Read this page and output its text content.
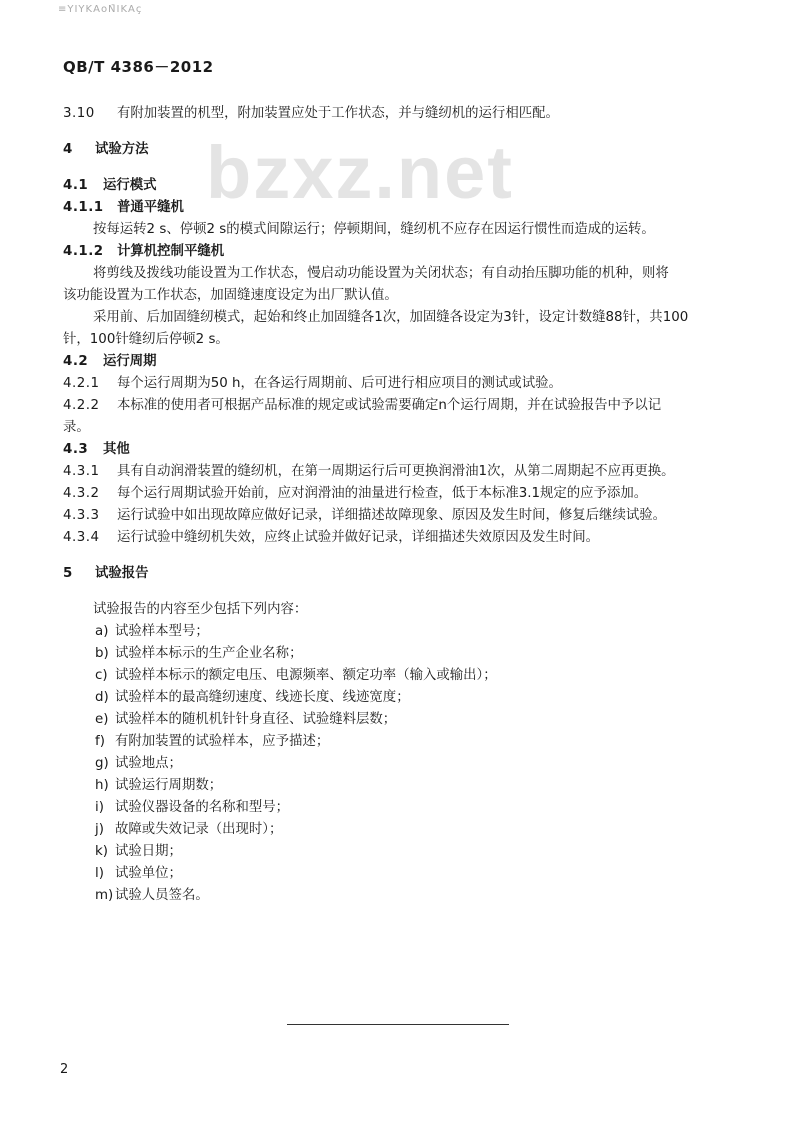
≡ΥΙΥΚΑοΝ̄ΙΚΑç
QB/T 4386－2012
bzxz.net
3.10 有附加装置的机型，附加装置应处于工作状态，并与缝纫机的运行相匹配。
4 试验方法
4.1 运行模式
4.1.1 普通平缝机
按每运转2 s、停顿2 s的模式间隙运行；停顿期间，缝纫机不应存在因运行惯性而造成的运转。
4.1.2 计算机控制平缝机
将剪线及拨线功能设置为工作状态，慢启动功能设置为关闭状态；有自动抬压脚功能的机种，则将
该功能设置为工作状态，加固缝速度设定为出厂默认值。
采用前、后加固缝纫模式，起始和终止加固缝各1次，加固缝各设定为3针，设定计数缝88针，共100
针，100针缝纫后停顿2 s。
4.2 运行周期
4.2.1 每个运行周期为50 h，在各运行周期前、后可进行相应项目的测试或试验。
4.2.2 本标准的使用者可根据产品标准的规定或试验需要确定n个运行周期，并在试验报告中予以记
录。
4.3 其他
4.3.1 具有自动润滑装置的缝纫机，在第一周期运行后可更换润滑油1次，从第二周期起不应再更换。
4.3.2 每个运行周期试验开始前，应对润滑油的油量进行检查，低于本标准3.1规定的应予添加。
4.3.3 运行试验中如出现故障应做好记录，详细描述故障现象、原因及发生时间，修复后继续试验。
4.3.4 运行试验中缝纫机失效，应终止试验并做好记录，详细描述失效原因及发生时间。
5 试验报告
试验报告的内容至少包括下列内容：
a) 试验样本型号；
b) 试验样本标示的生产企业名称；
c) 试验样本标示的额定电压、电源频率、额定功率（输入或输出）；
d) 试验样本的最高缝纫速度、线迹长度、线迹宽度；
e) 试验样本的随机机针针身直径、试验缝料层数；
f) 有附加装置的试验样本，应予描述；
g) 试验地点；
h) 试验运行周期数；
i) 试验仪器设备的名称和型号；
j) 故障或失效记录（出现时）；
k) 试验日期；
l) 试验单位；
m) 试验人员签名。
2
